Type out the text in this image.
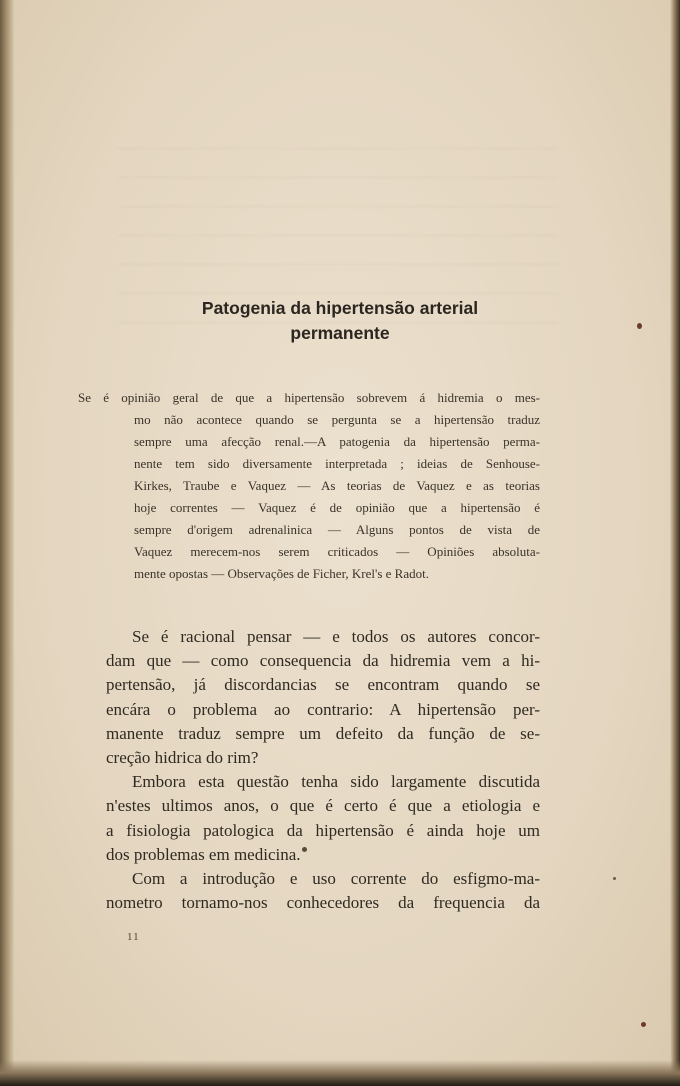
Patogenia da hipertensão arterial
permanente
Se é opinião geral de que a hipertensão sobrevem á hidremia o mes-
mo não acontece quando se pergunta se a hipertensão traduz
sempre uma afecção renal.—A patogenia da hipertensão perma-
nente tem sido diversamente interpretada ; ideias de Senhouse-
Kirkes, Traube e Vaquez — As teorias de Vaquez e as teorias
hoje correntes — Vaquez é de opinião que a hipertensão é
sempre d'origem adrenalinica — Alguns pontos de vista de
Vaquez merecem-nos serem criticados — Opiniões absoluta-
mente opostas — Observações de Ficher, Krel's e Radot.
Se é racional pensar — e todos os autores concor-
dam que — como consequencia da hidremia vem a hi-
pertensão, já discordancias se encontram quando se
encára o problema ao contrario: A hipertensão per-
manente traduz sempre um defeito da função de se-
creção hidrica do rim?
Embora esta questão tenha sido largamente discutida
n'estes ultimos anos, o que é certo é que a etiologia e
a fisiologia patologica da hipertensão é ainda hoje um
dos problemas em medicina.
Com a introdução e uso corrente do esfigmo-ma-
nometro tornamo-nos conhecedores da frequencia da
11
